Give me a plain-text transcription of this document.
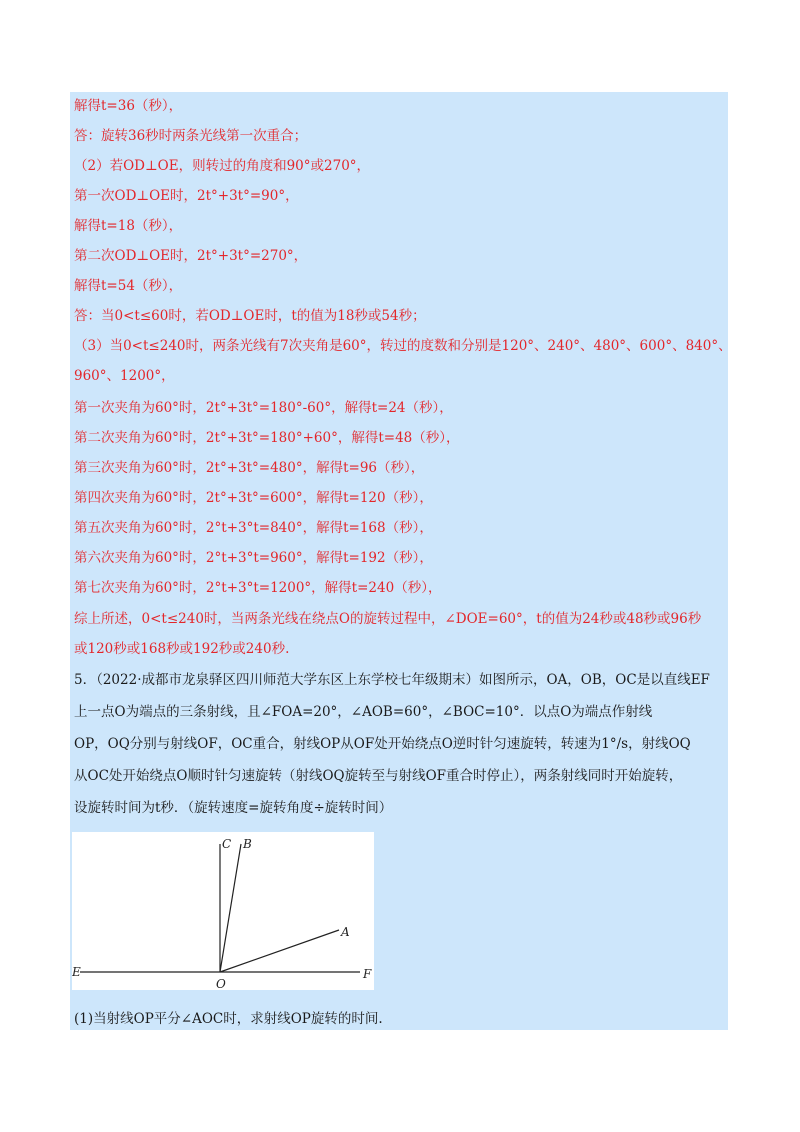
解得t=36（秒），
答：旋转36秒时两条光线第一次重合；
（2）若OD⊥OE，则转过的角度和90°或270°，
第一次OD⊥OE时，2t°+3t°=90°，
解得t=18（秒），
第二次OD⊥OE时，2t°+3t°=270°，
解得t=54（秒），
答：当0<t≤60时，若OD⊥OE时，t的值为18秒或54秒；
（3）当0<t≤240时，两条光线有7次夹角是60°，转过的度数和分别是120°、240°、480°、600°、840°、
960°、1200°，
第一次夹角为60°时，2t°+3t°=180°-60°，解得t=24（秒），
第二次夹角为60°时，2t°+3t°=180°+60°，解得t=48（秒），
第三次夹角为60°时，2t°+3t°=480°，解得t=96（秒），
第四次夹角为60°时，2t°+3t°=600°，解得t=120（秒），
第五次夹角为60°时，2°t+3°t=840°，解得t=168（秒），
第六次夹角为60°时，2°t+3°t=960°，解得t=192（秒），
第七次夹角为60°时，2°t+3°t=1200°，解得t=240（秒），
综上所述，0<t≤240时，当两条光线在绕点O的旋转过程中，∠DOE=60°，t的值为24秒或48秒或96秒
或120秒或168秒或192秒或240秒.
5．（2022·成都市龙泉驿区四川师范大学东区上东学校七年级期末）如图所示，OA，OB，OC是以直线EF
上一点O为端点的三条射线，且∠FOA=20°，∠AOB=60°，∠BOC=10°．以点O为端点作射线
OP，OQ分别与射线OF，OC重合，射线OP从OF处开始绕点O逆时针匀速旋转，转速为1°/s，射线OQ
从OC处开始绕点O顺时针匀速旋转（射线OQ旋转至与射线OF重合时停止），两条射线同时开始旋转，
设旋转时间为t秒．（旋转速度=旋转角度÷旋转时间）
C B
A
E
O
F
(1)当射线OP平分∠AOC时，求射线OP旋转的时间.
